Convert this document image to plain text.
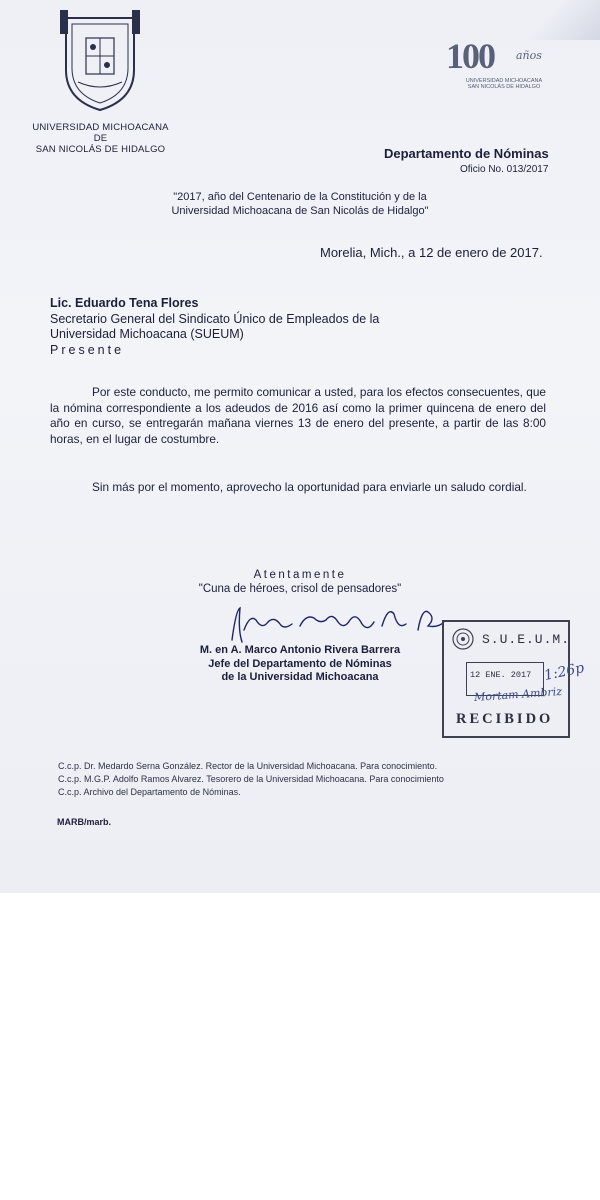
UNIVERSIDAD MICHOACANA
DE
SAN NICOLÁS DE HIDALGO
100 años
UNIVERSIDAD MICHOACANA
SAN NICOLÁS DE HIDALGO
Departamento de Nóminas
Oficio No. 013/2017
"2017, año del Centenario de la Constitución y de la
Universidad Michoacana de San Nicolás de Hidalgo"
Morelia, Mich., a 12 de enero de 2017.
Lic. Eduardo Tena Flores
Secretario General del Sindicato Único de Empleados de la
Universidad Michoacana (SUEUM)
Presente
Por este conducto, me permito comunicar a usted, para los efectos consecuentes, que la nómina correspondiente a los adeudos de 2016 así como la primer quincena de enero del año en curso, se entregarán mañana viernes 13 de enero del presente, a partir de las 8:00 horas, en el lugar de costumbre.
Sin más por el momento, aprovecho la oportunidad para enviarle un saludo cordial.
Atentamente
"Cuna de héroes, crisol de pensadores"
M. en A. Marco Antonio Rivera Barrera
Jefe del Departamento de Nóminas
de la Universidad Michoacana
S.U.E.U.M.
12 ENE. 2017 1:26p
Mortam Ambriz
RECIBIDO
C.c.p. Dr. Medardo Serna González. Rector de la Universidad Michoacana. Para conocimiento.
C.c.p. M.G.P. Adolfo Ramos Alvarez. Tesorero de la Universidad Michoacana. Para conocimiento
C.c.p. Archivo del Departamento de Nóminas.
MARB/marb.
